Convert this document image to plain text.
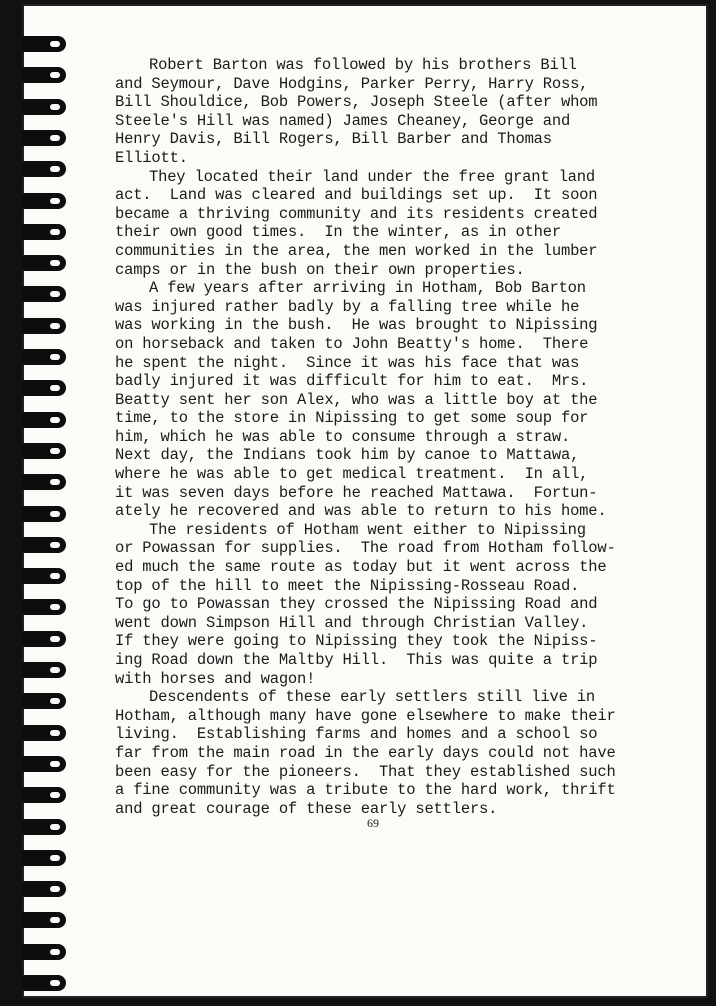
Robert Barton was followed by his brothers Bill
and Seymour, Dave Hodgins, Parker Perry, Harry Ross,
Bill Shouldice, Bob Powers, Joseph Steele (after whom
Steele's Hill was named) James Cheaney, George and
Henry Davis, Bill Rogers, Bill Barber and Thomas
Elliott.

They located their land under the free grant land
act.  Land was cleared and buildings set up.  It soon
became a thriving community and its residents created
their own good times.  In the winter, as in other
communities in the area, the men worked in the lumber
camps or in the bush on their own properties.

A few years after arriving in Hotham, Bob Barton
was injured rather badly by a falling tree while he
was working in the bush.  He was brought to Nipissing
on horseback and taken to John Beatty's home.  There
he spent the night.  Since it was his face that was
badly injured it was difficult for him to eat.  Mrs.
Beatty sent her son Alex, who was a little boy at the
time, to the store in Nipissing to get some soup for
him, which he was able to consume through a straw.
Next day, the Indians took him by canoe to Mattawa,
where he was able to get medical treatment.  In all,
it was seven days before he reached Mattawa.  Fortun-
ately he recovered and was able to return to his home.

The residents of Hotham went either to Nipissing
or Powassan for supplies.  The road from Hotham follow-
ed much the same route as today but it went across the
top of the hill to meet the Nipissing-Rosseau Road.
To go to Powassan they crossed the Nipissing Road and
went down Simpson Hill and through Christian Valley.
If they were going to Nipissing they took the Nipiss-
ing Road down the Maltby Hill.  This was quite a trip
with horses and wagon!

Descendents of these early settlers still live in
Hotham, although many have gone elsewhere to make their
living.  Establishing farms and homes and a school so
far from the main road in the early days could not have
been easy for the pioneers.  That they established such
a fine community was a tribute to the hard work, thrift
and great courage of these early settlers.

69
